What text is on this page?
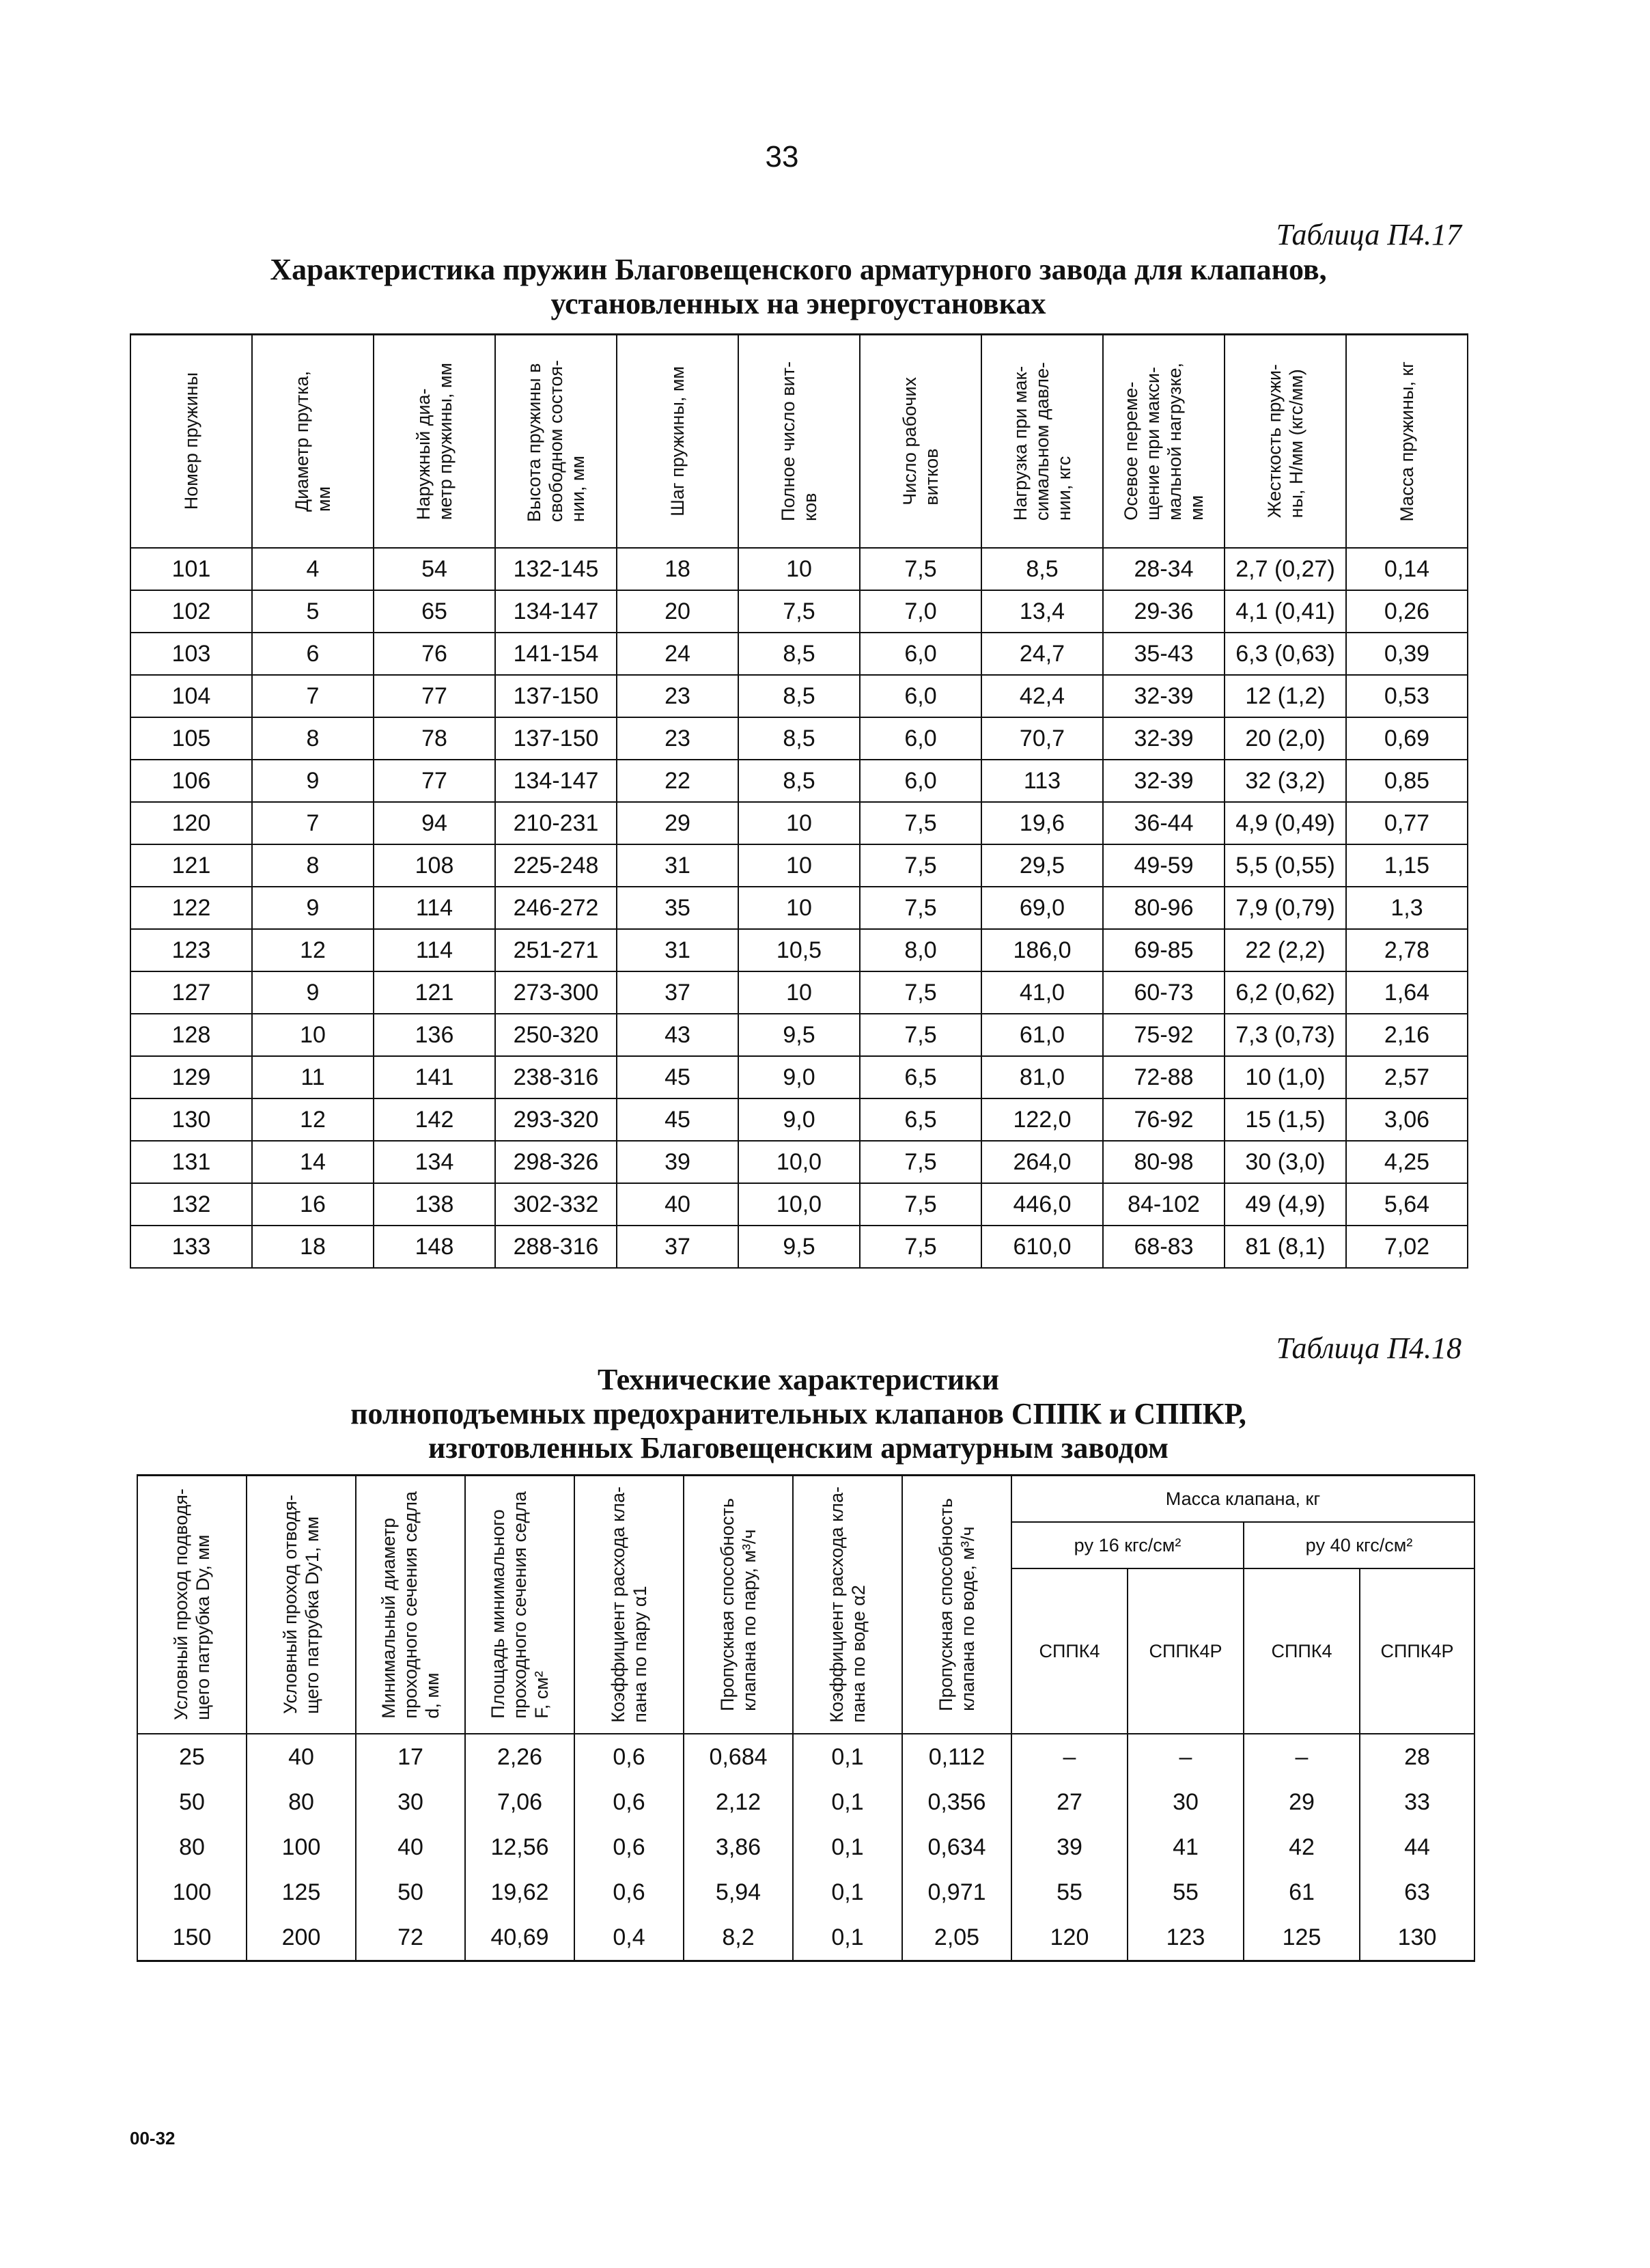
33
Таблица П4.17
Характеристика пружин Благовещенского арматурного завода для клапанов,
установленных на энергоустановках
Номер пружины	Диаметр прутка,
мм	Наружный диа-
метр пружины, мм	Высота пружины в
свободном состоя-
нии, мм	Шаг пружины, мм	Полное число вит-
ков	Число рабочих
витков	Нагрузка при мак-
симальном давле-
нии, кгс	Осевое переме-
щение при макси-
мальной нагрузке,
мм	Жесткость пружи-
ны, Н/мм (кгс/мм)	Масса пружины, кг

101	4	54	132-145	18	10	7,5	8,5	28-34	2,7 (0,27)	0,14
102	5	65	134-147	20	7,5	7,0	13,4	29-36	4,1 (0,41)	0,26
103	6	76	141-154	24	8,5	6,0	24,7	35-43	6,3 (0,63)	0,39
104	7	77	137-150	23	8,5	6,0	42,4	32-39	12 (1,2)	0,53
105	8	78	137-150	23	8,5	6,0	70,7	32-39	20 (2,0)	0,69
106	9	77	134-147	22	8,5	6,0	113	32-39	32 (3,2)	0,85
120	7	94	210-231	29	10	7,5	19,6	36-44	4,9 (0,49)	0,77
121	8	108	225-248	31	10	7,5	29,5	49-59	5,5 (0,55)	1,15
122	9	114	246-272	35	10	7,5	69,0	80-96	7,9 (0,79)	1,3
123	12	114	251-271	31	10,5	8,0	186,0	69-85	22 (2,2)	2,78
127	9	121	273-300	37	10	7,5	41,0	60-73	6,2 (0,62)	1,64
128	10	136	250-320	43	9,5	7,5	61,0	75-92	7,3 (0,73)	2,16
129	11	141	238-316	45	9,0	6,5	81,0	72-88	10 (1,0)	2,57
130	12	142	293-320	45	9,0	6,5	122,0	76-92	15 (1,5)	3,06
131	14	134	298-326	39	10,0	7,5	264,0	80-98	30 (3,0)	4,25
132	16	138	302-332	40	10,0	7,5	446,0	84-102	49 (4,9)	5,64
133	18	148	288-316	37	9,5	7,5	610,0	68-83	81 (8,1)	7,02
Таблица П4.18
Технические характеристики
полноподъемных предохранительных клапанов СППК и СППКР,
изготовленных Благовещенским арматурным заводом
Условный проход подводя-
щего патрубка Dу, мм	Условный проход отводя-
щего патрубка Dу1, мм	Минимальный диаметр
проходного сечения седла
d, мм	Площадь минимального
проходного сечения седла
F, см²	Коэффициент расхода кла-
пана по пару α1	Пропускная способность
клапана по пару, м³/ч	Коэффициент расхода кла-
пана по воде α2	Пропускная способность
клапана по воде, м³/ч	Масса клапана, кг			
								pу 16 кгс/см²		pу 40 кгс/см²	
								СППК4	СППК4Р	СППК4	СППК4Р
25	40	17	2,26	0,6	0,684	0,1	0,112	–	–	–	28
50	80	30	7,06	0,6	2,12	0,1	0,356	27	30	29	33
80	100	40	12,56	0,6	3,86	0,1	0,634	39	41	42	44
100	125	50	19,62	0,6	5,94	0,1	0,971	55	55	61	63
150	200	72	40,69	0,4	8,2	0,1	2,05	120	123	125	130
00-32
